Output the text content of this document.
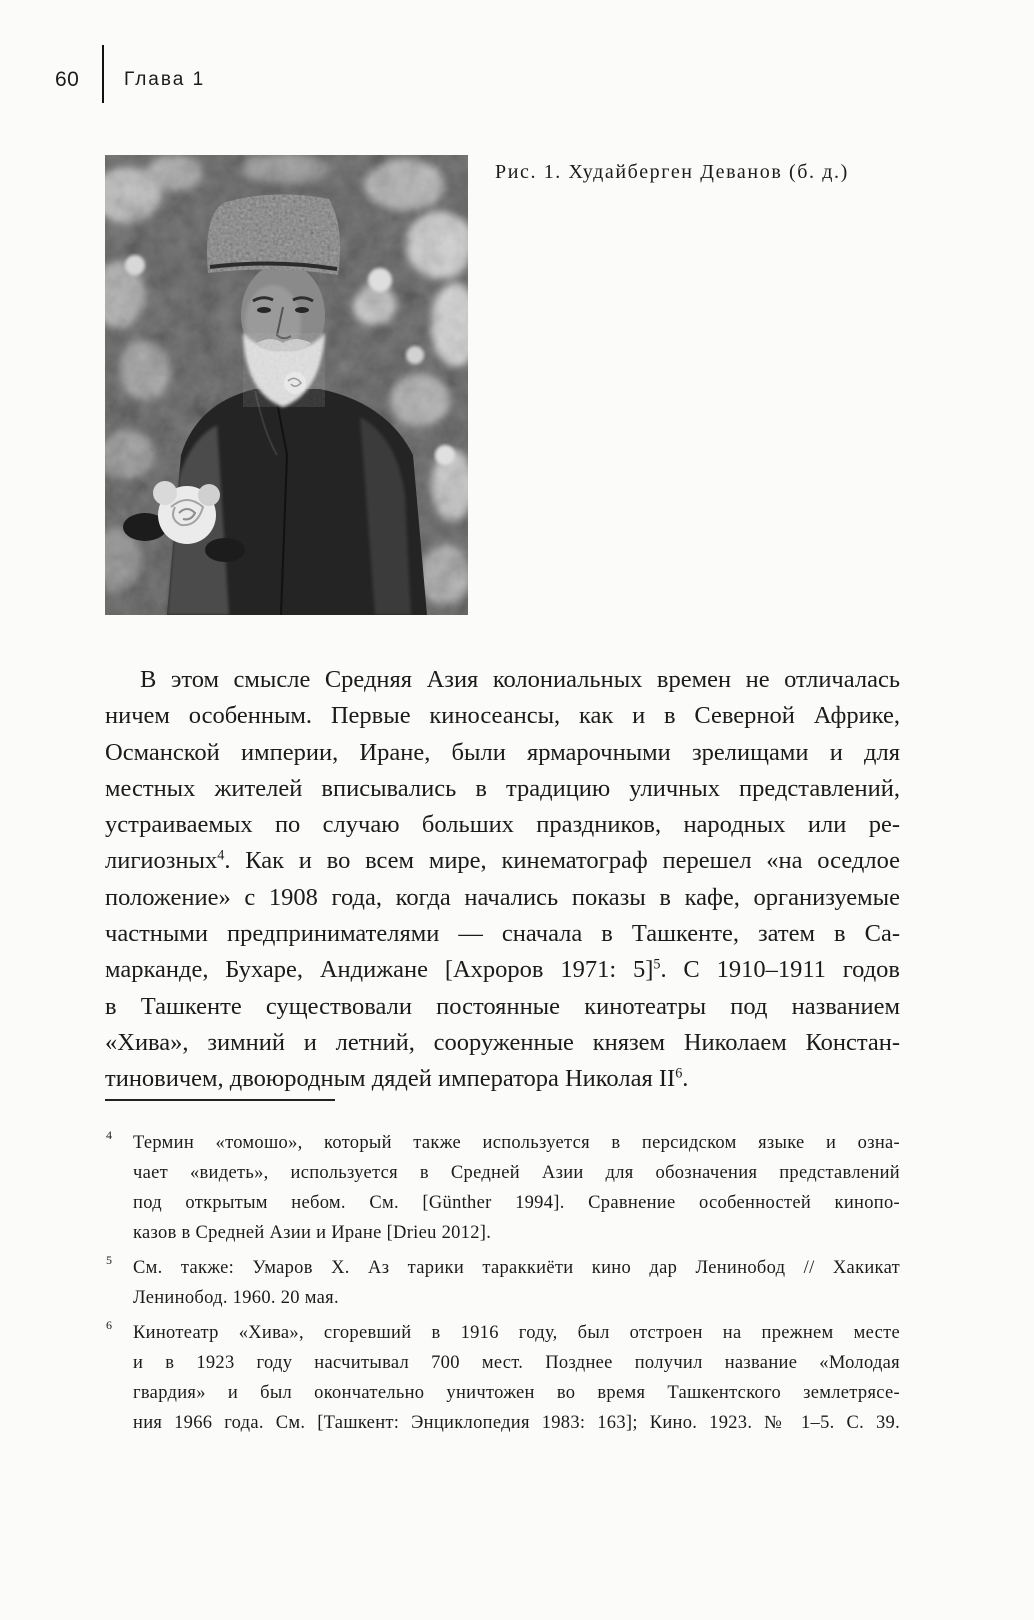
60 Глава 1
Рис. 1. Худайберген Деванов (б. д.)
В этом смысле Средняя Азия колониальных времен не отличалась
ничем особенным. Первые киносеансы, как и в Северной Африке,
Османской империи, Иране, были ярмарочными зрелищами и для
местных жителей вписывались в традицию уличных представлений,
устраиваемых по случаю больших праздников, народных или ре-
лигиозных$^4$. Как и во всем мире, кинематограф перешел «на оседлое
положение» с 1908 года, когда начались показы в кафе, организуемые
частными предпринимателями — сначала в Ташкенте, затем в Са-
марканде, Бухаре, Андижане [Ахроров 1971: 5]$^5$. С 1910–1911 годов
в Ташкенте существовали постоянные кинотеатры под названием
«Хива», зимний и летний, сооруженные князем Николаем Констан-
тиновичем, двоюродным дядей императора Николая II$^6$.
4 Термин «томошо», который также используется в персидском языке и озна-
чает «видеть», используется в Средней Азии для обозначения представлений
под открытым небом. См. [Günther 1994]. Сравнение особенностей кинопо-
казов в Средней Азии и Иране [Drieu 2012].
5 См. также: Умаров Х. Аз тарики тараккиёти кино дар Ленинобод // Хакикат
Ленинобод. 1960. 20 мая.
6 Кинотеатр «Хива», сгоревший в 1916 году, был отстроен на прежнем месте
и в 1923 году насчитывал 700 мест. Позднее получил название «Молодая
гвардия» и был окончательно уничтожен во время Ташкентского землетрясе-
ния 1966 года. См. [Ташкент: Энциклопедия 1983: 163]; Кино. 1923. № 1–5. С. 39.
